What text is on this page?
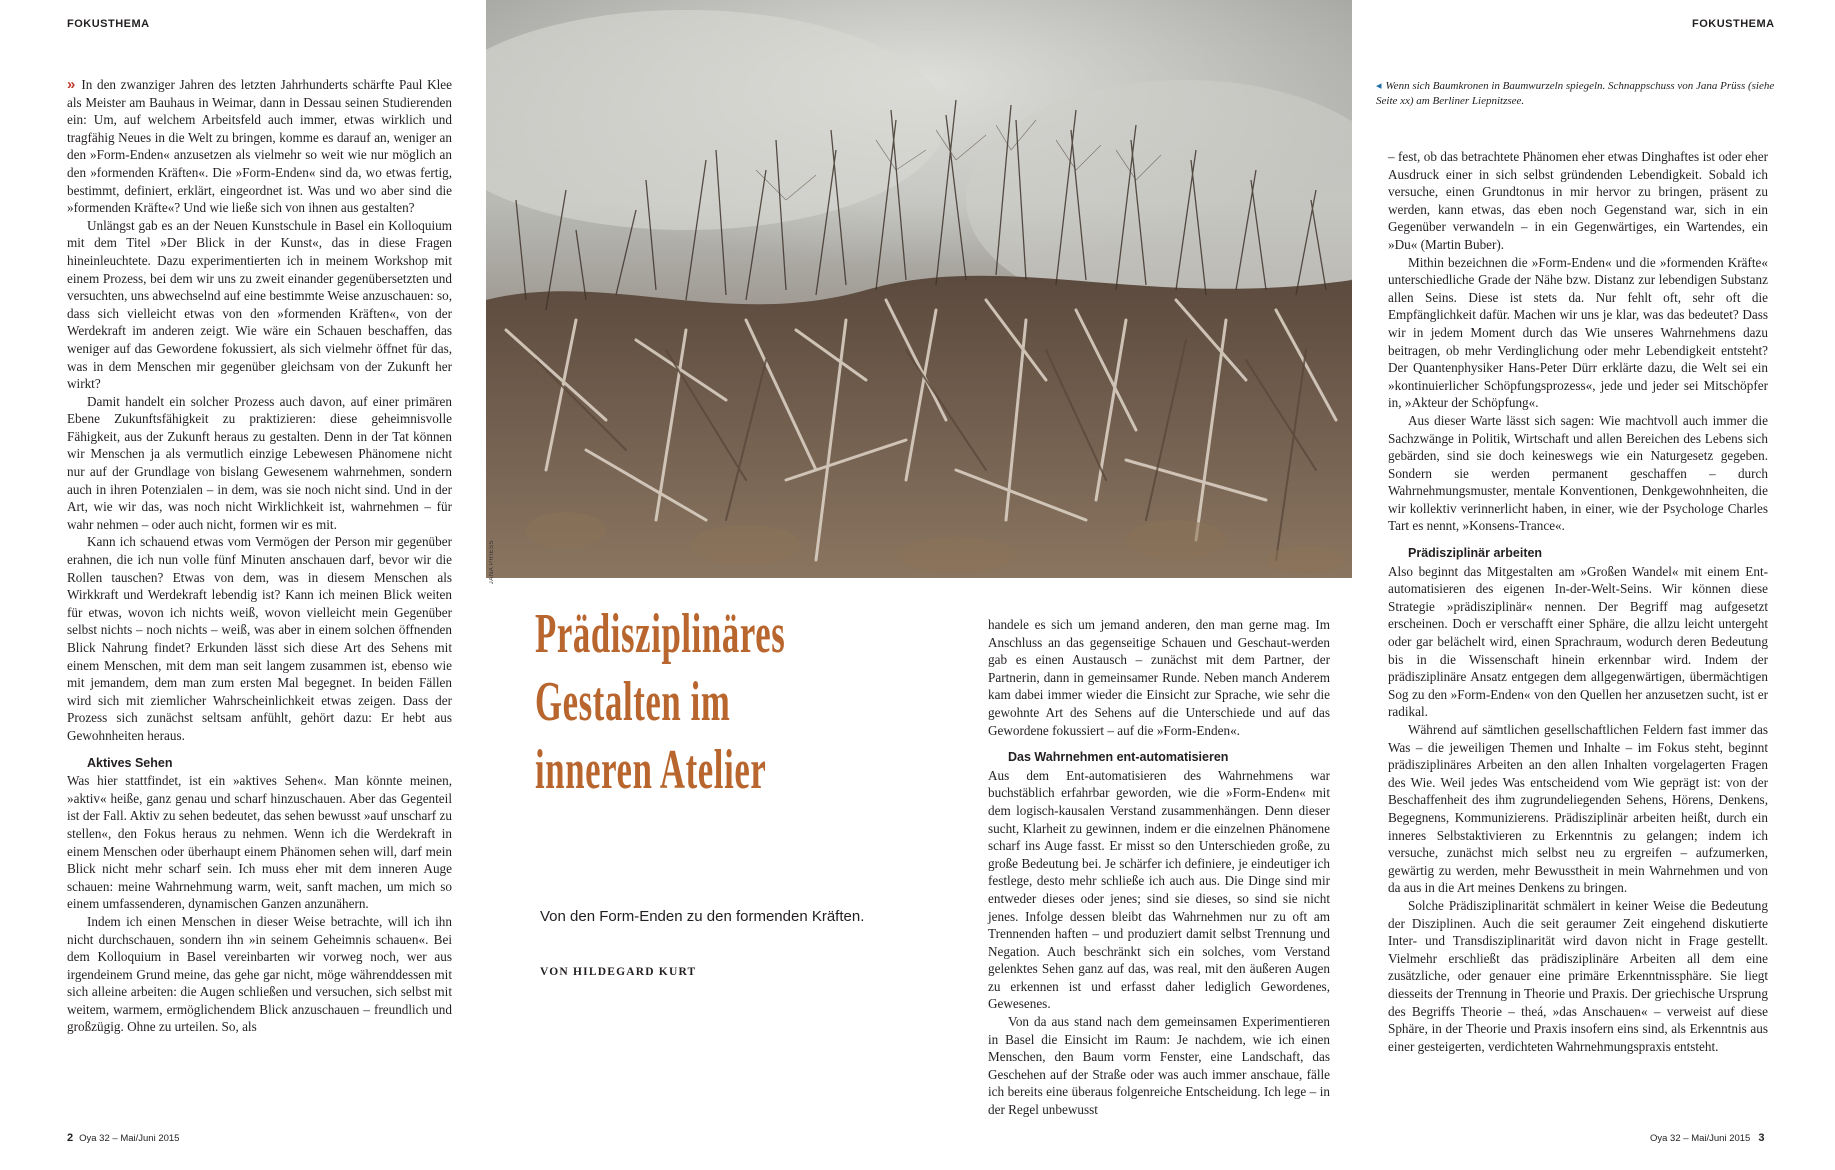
FOKUSTHEMA	FOKUSTHEMA
JANA PRIESS
◂ Wenn sich Baumkronen in Baumwurzeln spiegeln. Schnappschuss von Jana Prüss (siehe Seite xx) am Berliner Liepnitzsee.
Prädisziplinäres
Gestalten im
inneren Atelier
Von den Form-Enden zu den formenden Kräften.
VON HILDEGARD KURT

» In den zwanziger Jahren des letzten Jahrhunderts schärfte Paul Klee als Meister am Bauhaus in Weimar, dann in Dessau seinen Studierenden ein: Um, auf welchem Arbeitsfeld auch immer, etwas wirklich und tragfähig Neues in die Welt zu bringen, komme es darauf an, weniger an den »Form-Enden« anzusetzen als vielmehr so weit wie nur möglich an den »formenden Kräften«. Die »Form-Enden« sind da, wo etwas fertig, bestimmt, definiert, erklärt, eingeordnet ist. Was und wo aber sind die »formenden Kräfte«? Und wie ließe sich von ihnen aus gestalten?

Unlängst gab es an der Neuen Kunstschule in Basel ein Kolloquium mit dem Titel »Der Blick in der Kunst«, das in diese Fragen hineinleuchtete. Dazu experimentierten ich in meinem Workshop mit einem Prozess, bei dem wir uns zu zweit einander gegenübersetzten und versuchten, uns abwechselnd auf eine bestimmte Weise anzuschauen: so, dass sich vielleicht etwas von den »formenden Kräften«, von der Werdekraft im anderen zeigt. Wie wäre ein Schauen beschaffen, das weniger auf das Gewordene fokussiert, als sich vielmehr öffnet für das, was in dem Menschen mir gegenüber gleichsam von der Zukunft her wirkt?

Damit handelt ein solcher Prozess auch davon, auf einer primären Ebene Zukunftsfähigkeit zu praktizieren: diese geheimnisvolle Fähigkeit, aus der Zukunft heraus zu gestalten. Denn in der Tat können wir Menschen ja als vermutlich einzige Lebewesen Phänomene nicht nur auf der Grundlage von bislang Gewesenem wahrnehmen, sondern auch in ihren Potenzialen – in dem, was sie noch nicht sind. Und in der Art, wie wir das, was noch nicht Wirklichkeit ist, wahrnehmen – für wahr nehmen – oder auch nicht, formen wir es mit.

Kann ich schauend etwas vom Vermögen der Person mir gegenüber erahnen, die ich nun volle fünf Minuten anschauen darf, bevor wir die Rollen tauschen? Etwas von dem, was in diesem Menschen als Wirkkraft und Werdekraft lebendig ist? Kann ich meinen Blick weiten für etwas, wovon ich nichts weiß, wovon vielleicht mein Gegenüber selbst nichts – noch nichts – weiß, was aber in einem solchen öffnenden Blick Nahrung findet? Erkunden lässt sich diese Art des Sehens mit einem Menschen, mit dem man seit langem zusammen ist, ebenso wie mit jemandem, dem man zum ersten Mal begegnet. In beiden Fällen wird sich mit ziemlicher Wahrscheinlichkeit etwas zeigen. Dass der Prozess sich zunächst seltsam anfühlt, gehört dazu: Er hebt aus Gewohnheiten heraus.

Aktives Sehen

Was hier stattfindet, ist ein »aktives Sehen«. Man könnte meinen, »aktiv« heiße, ganz genau und scharf hinzuschauen. Aber das Gegenteil ist der Fall. Aktiv zu sehen bedeutet, das sehen bewusst »auf unscharf zu stellen«, den Fokus heraus zu nehmen. Wenn ich die Werdekraft in einem Menschen oder überhaupt einem Phänomen sehen will, darf mein Blick nicht mehr scharf sein. Ich muss eher mit dem inneren Auge schauen: meine Wahrnehmung warm, weit, sanft machen, um mich so einem umfassenderen, dynamischen Ganzen anzunähern.

Indem ich einen Menschen in dieser Weise betrachte, will ich ihn nicht durchschauen, sondern ihn »in seinem Geheimnis schauen«. Bei dem Kolloquium in Basel vereinbarten wir vorweg noch, wer aus irgendeinem Grund meine, das gehe gar nicht, möge währenddessen mit sich alleine arbeiten: die Augen schließen und versuchen, sich selbst mit weitem, warmem, ermöglichendem Blick anzuschauen – freundlich und großzügig. Ohne zu urteilen. So, als

handele es sich um jemand anderen, den man gerne mag. Im Anschluss an das gegenseitige Schauen und Geschaut-werden gab es einen Austausch – zunächst mit dem Partner, der Partnerin, dann in gemeinsamer Runde. Neben manch Anderem kam dabei immer wieder die Einsicht zur Sprache, wie sehr die gewohnte Art des Sehens auf die Unterschiede und auf das Gewordene fokussiert – auf die »Form-Enden«.

Das Wahrnehmen ent-automatisieren

Aus dem Ent-automatisieren des Wahrnehmens war buchstäblich erfahrbar geworden, wie die »Form-Enden« mit dem logisch-kausalen Verstand zusammenhängen. Denn dieser sucht, Klarheit zu gewinnen, indem er die einzelnen Phänomene scharf ins Auge fasst. Er misst so den Unterschieden große, zu große Bedeutung bei. Je schärfer ich definiere, je eindeutiger ich festlege, desto mehr schließe ich auch aus. Die Dinge sind mir entweder dieses oder jenes; sind sie dieses, so sind sie nicht jenes. Infolge dessen bleibt das Wahrnehmen nur zu oft am Trennenden haften – und produziert damit selbst Trennung und Negation. Auch beschränkt sich ein solches, vom Verstand gelenktes Sehen ganz auf das, was real, mit den äußeren Augen zu erkennen ist und erfasst daher lediglich Gewordenes, Gewesenes.

Von da aus stand nach dem gemeinsamen Experimentieren in Basel die Einsicht im Raum: Je nachdem, wie ich einen Menschen, den Baum vorm Fenster, eine Landschaft, das Geschehen auf der Straße oder was auch immer anschaue, fälle ich bereits eine überaus folgenreiche Entscheidung. Ich lege – in der Regel unbewusst

– fest, ob das betrachtete Phänomen eher etwas Dinghaftes ist oder eher Ausdruck einer in sich selbst gründenden Lebendigkeit. Sobald ich versuche, einen Grundtonus in mir hervor zu bringen, präsent zu werden, kann etwas, das eben noch Gegenstand war, sich in ein Gegenüber verwandeln – in ein Gegenwärtiges, ein Wartendes, ein »Du« (Martin Buber).

Mithin bezeichnen die »Form-Enden« und die »formenden Kräfte« unterschiedliche Grade der Nähe bzw. Distanz zur lebendigen Substanz allen Seins. Diese ist stets da. Nur fehlt oft, sehr oft die Empfänglichkeit dafür. Machen wir uns je klar, was das bedeutet? Dass wir in jedem Moment durch das Wie unseres Wahrnehmens dazu beitragen, ob mehr Verdinglichung oder mehr Lebendigkeit entsteht? Der Quantenphysiker Hans-Peter Dürr erklärte dazu, die Welt sei ein »kontinuierlicher Schöpfungsprozess«, jede und jeder sei Mitschöpfer in, »Akteur der Schöpfung«.

Aus dieser Warte lässt sich sagen: Wie machtvoll auch immer die Sachzwänge in Politik, Wirtschaft und allen Bereichen des Lebens sich gebärden, sind sie doch keineswegs wie ein Naturgesetz gegeben. Sondern sie werden permanent geschaffen – durch Wahrnehmungsmuster, mentale Konventionen, Denkgewohnheiten, die wir kollektiv verinnerlicht haben, in einer, wie der Psychologe Charles Tart es nennt, »Konsens-Trance«.

Prädisziplinär arbeiten

Also beginnt das Mitgestalten am »Großen Wandel« mit einem Ent-automatisieren des eigenen In-der-Welt-Seins. Wir können diese Strategie »prädisziplinär« nennen. Der Begriff mag aufgesetzt erscheinen. Doch er verschafft einer Sphäre, die allzu leicht untergeht oder gar belächelt wird, einen Sprachraum, wodurch deren Bedeutung bis in die Wissenschaft hinein erkennbar wird. Indem der prädisziplinäre Ansatz entgegen dem allgegenwärtigen, übermächtigen Sog zu den »Form-Enden« von den Quellen her anzusetzen sucht, ist er radikal.

Während auf sämtlichen gesellschaftlichen Feldern fast immer das Was – die jeweiligen Themen und Inhalte – im Fokus steht, beginnt prädisziplinäres Arbeiten an den allen Inhalten vorgelagerten Fragen des Wie. Weil jedes Was entscheidend vom Wie geprägt ist: von der Beschaffenheit des ihm zugrundeliegenden Sehens, Hörens, Denkens, Begegnens, Kommunizierens. Prädisziplinär arbeiten heißt, durch ein inneres Selbstaktivieren zu Erkenntnis zu gelangen; indem ich versuche, zunächst mich selbst neu zu ergreifen – aufzumerken, gewärtig zu werden, mehr Bewusstheit in mein Wahrnehmen und von da aus in die Art meines Denkens zu bringen.

Solche Prädisziplinarität schmälert in keiner Weise die Bedeutung der Disziplinen. Auch die seit geraumer Zeit eingehend diskutierte Inter- und Transdisziplinarität wird davon nicht in Frage gestellt. Vielmehr erschließt das prädisziplinäre Arbeiten all dem eine zusätzliche, oder genauer eine primäre Erkenntnissphäre. Sie liegt diesseits der Trennung in Theorie und Praxis. Der griechische Ursprung des Begriffs Theorie – theá, »das Anschauen« – verweist auf diese Sphäre, in der Theorie und Praxis insofern eins sind, als Erkenntnis aus einer gesteigerten, verdichteten Wahrnehmungspraxis entsteht.

2 Oya 32 – Mai/Juni 2015	Oya 32 – Mai/Juni 2015 3
